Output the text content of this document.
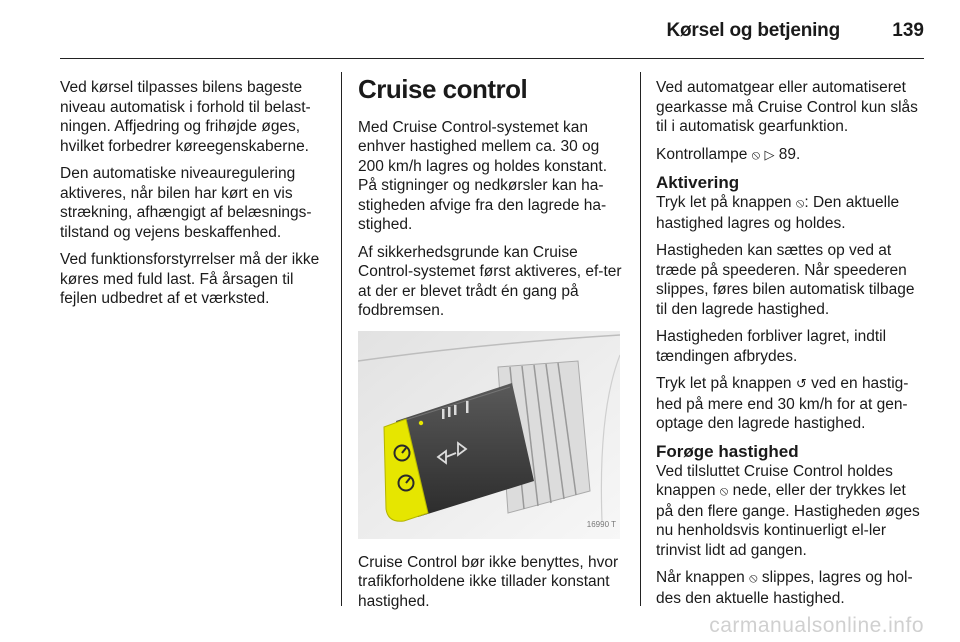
Kørsel og betjening	139

Ved kørsel tilpasses bilens bageste niveau automatisk i forhold til belast-ningen. Affjedring og frihøjde øges, hvilket forbedrer køreegenskaberne.

Den automatiske niveauregulering aktiveres, når bilen har kørt en vis strækning, afhængigt af belæsnings-tilstand og vejens beskaffenhed.

Ved funktionsforstyrrelser må der ikke køres med fuld last. Få årsagen til fejlen udbedret af et værksted.

Cruise control

Med Cruise Control-systemet kan enhver hastighed mellem ca. 30 og 200 km/h lagres og holdes konstant. På stigninger og nedkørsler kan ha-stigheden afvige fra den lagrede ha-stighed.

Af sikkerhedsgrunde kan Cruise Control-systemet først aktiveres, ef-ter at der er blevet trådt én gang på fodbremsen.

16990 T

Cruise Control bør ikke benyttes, hvor trafikforholdene ikke tillader konstant hastighed.

Ved automatgear eller automatiseret gearkasse må Cruise Control kun slås til i automatisk gearfunktion.

Kontrollampe ⦸ ▷ 89.

Aktivering

Tryk let på knappen ⦸: Den aktuelle hastighed lagres og holdes.

Hastigheden kan sættes op ved at træde på speederen. Når speederen slippes, føres bilen automatisk tilbage til den lagrede hastighed.

Hastigheden forbliver lagret, indtil tændingen afbrydes.

Tryk let på knappen ↺ ved en hastig-hed på mere end 30 km/h for at gen-optage den lagrede hastighed.

Forøge hastighed

Ved tilsluttet Cruise Control holdes knappen ⦸ nede, eller der trykkes let på den flere gange. Hastigheden øges nu henholdsvis kontinuerligt el-ler trinvist lidt ad gangen.

Når knappen ⦸ slippes, lagres og hol-des den aktuelle hastighed.

carmanualsonline.info
